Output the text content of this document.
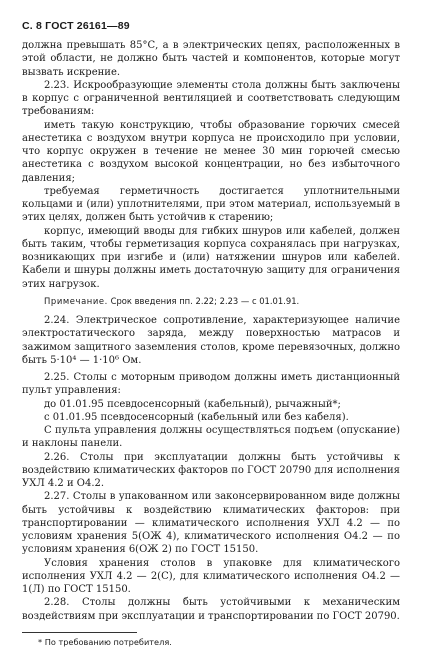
С. 8 ГОСТ 26161—89

должна превышать 85°С, а в электрических цепях, расположенных в этой области, не должно быть частей и компонентов, которые могут вызвать искрение.

2.23. Искрообразующие элементы стола должны быть заключены в корпус с ограниченной вентиляцией и соответствовать следующим требованиям:

иметь такую конструкцию, чтобы образование горючих смесей анестетика с воздухом внутри корпуса не происходило при условии, что корпус окружен в течение не менее 30 мин горючей смесью анестетика с воздухом высокой концентрации, но без избыточного давления;

требуемая герметичность достигается уплотнительными кольцами и (или) уплотнителями, при этом материал, используемый в этих целях, должен быть устойчив к старению;

корпус, имеющий вводы для гибких шнуров или кабелей, должен быть таким, чтобы герметизация корпуса сохранялась при нагрузках, возникающих при изгибе и (или) натяжении шнуров или кабелей. Кабели и шнуры должны иметь достаточную защиту для ограничения этих нагрузок.

Примечание. Срок введения пп. 2.22; 2.23 — с 01.01.91.

2.24. Электрическое сопротивление, характеризующее наличие электростатического заряда, между поверхностью матрасов и зажимом защитного заземления столов, кроме перевязочных, должно быть 5·10⁴ — 1·10⁶ Ом.

2.25. Столы с моторным приводом должны иметь дистанционный пульт управления:

до 01.01.95 псевдосенсорный (кабельный), рычажный*;

с 01.01.95 псевдосенсорный (кабельный или без кабеля).

С пульта управления должны осуществляться подъем (опускание) и наклоны панели.

2.26. Столы при эксплуатации должны быть устойчивы к воздействию климатических факторов по ГОСТ 20790 для исполнения УХЛ 4.2 и О4.2.

2.27. Столы в упакованном или законсервированном виде должны быть устойчивы к воздействию климатических факторов: при транспортировании — климатического исполнения УХЛ 4.2 — по условиям хранения 5(ОЖ 4), климатического исполнения О4.2 — по условиям хранения 6(ОЖ 2) по ГОСТ 15150.

Условия хранения столов в упаковке для климатического исполнения УХЛ 4.2 — 2(С), для климатического исполнения О4.2 — 1(Л) по ГОСТ 15150.

2.28. Столы должны быть устойчивыми к механическим воздействиям при эксплуатации и транспортировании по ГОСТ 20790.

* По требованию потребителя.
